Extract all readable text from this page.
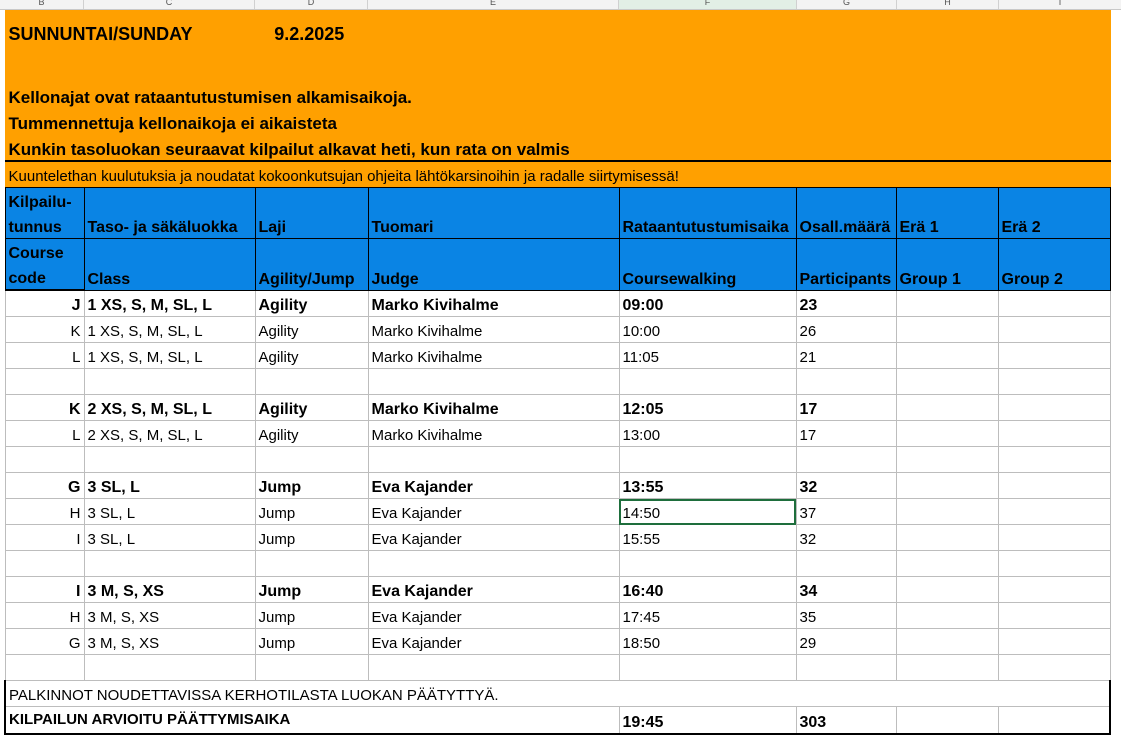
B	C	D	E	F	G	H	I
SUNNUNTAI/SUNDAY 9.2.2025							

Kellonajat ovat rataantutustumisen alkamisaikoja.							
Tummennettuja kellonaikoja ei aikaisteta							
Kunkin tasoluokan seuraavat kilpailut alkavat heti, kun rata on valmis							
Kuuntelethan kuulutuksia ja noudatat kokoonkutsujan ohjeita lähtökarsinoihin ja radalle siirtymisessä!							
Kilpailu-	Taso- ja säkäluokka	Laji	Tuomari	Rataantutustumisaika	Osall.määrä	Erä 1	Erä 2
tunnus							
Course	Class	Agility/Jump	Judge	Coursewalking	Participants	Group 1	Group 2
code							
J	1 XS, S, M, SL, L	Agility	Marko Kivihalme	09:00	23		
K	1 XS, S, M, SL, L	Agility	Marko Kivihalme	10:00	26		
L	1 XS, S, M, SL, L	Agility	Marko Kivihalme	11:05	21		

K	2 XS, S, M, SL, L	Agility	Marko Kivihalme	12:05	17		
L	2 XS, S, M, SL, L	Agility	Marko Kivihalme	13:00	17		

G	3 SL, L	Jump	Eva Kajander	13:55	32		
H	3 SL, L	Jump	Eva Kajander	14:50	37		
I	3 SL, L	Jump	Eva Kajander	15:55	32		

I	3 M, S, XS	Jump	Eva Kajander	16:40	34		
H	3 M, S, XS	Jump	Eva Kajander	17:45	35		
G	3 M, S, XS	Jump	Eva Kajander	18:50	29		

PALKINNOT NOUDETTAVISSA KERHOTILASTA LUOKAN PÄÄTYTTYÄ.							
KILPAILUN ARVIOITU PÄÄTTYMISAIKA				19:45	303		
